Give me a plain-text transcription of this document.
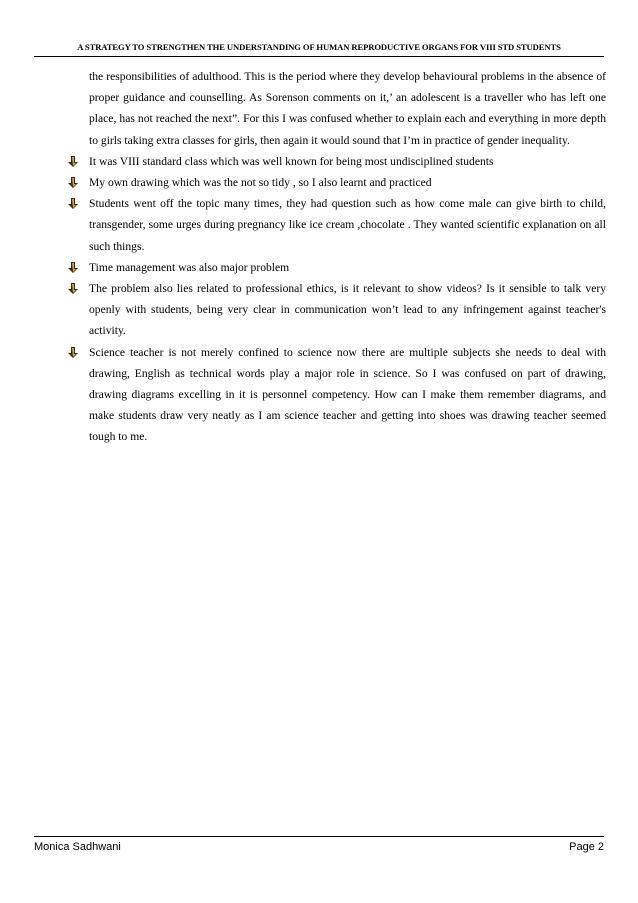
A STRATEGY TO STRENGTHEN THE UNDERSTANDING OF HUMAN REPRODUCTIVE ORGANS FOR VIII STD STUDENTS

the responsibilities of adulthood. This is the period where they develop behavioural problems in the absence of proper guidance and counselling. As Sorenson comments on it,’ an adolescent is a traveller who has left one place, has not reached the next”. For this I was confused whether to explain each and everything in more depth to girls taking extra classes for girls, then again it would sound that I’m in practice of gender inequality.

It was VIII standard class which was well known for being most undisciplined students
My own drawing which was the not so tidy , so I also learnt and practiced
Students went off the topic many times, they had question such as how come male can give birth to child, transgender, some urges during pregnancy like ice cream ,chocolate . They wanted scientific explanation on all such things.
Time management was also major problem
The problem also lies related to professional ethics, is it relevant to show videos? Is it sensible to talk very openly with students, being very clear in communication won’t lead to any infringement against teacher's activity.
Science teacher is not merely confined to science now there are multiple subjects she needs to deal with drawing, English as technical words play a major role in science. So I was confused on part of drawing, drawing diagrams excelling in it is personnel competency. How can I make them remember diagrams, and make students draw very neatly as I am science teacher and getting into shoes was drawing teacher seemed tough to me.
Monica Sadhwani	Page 2
